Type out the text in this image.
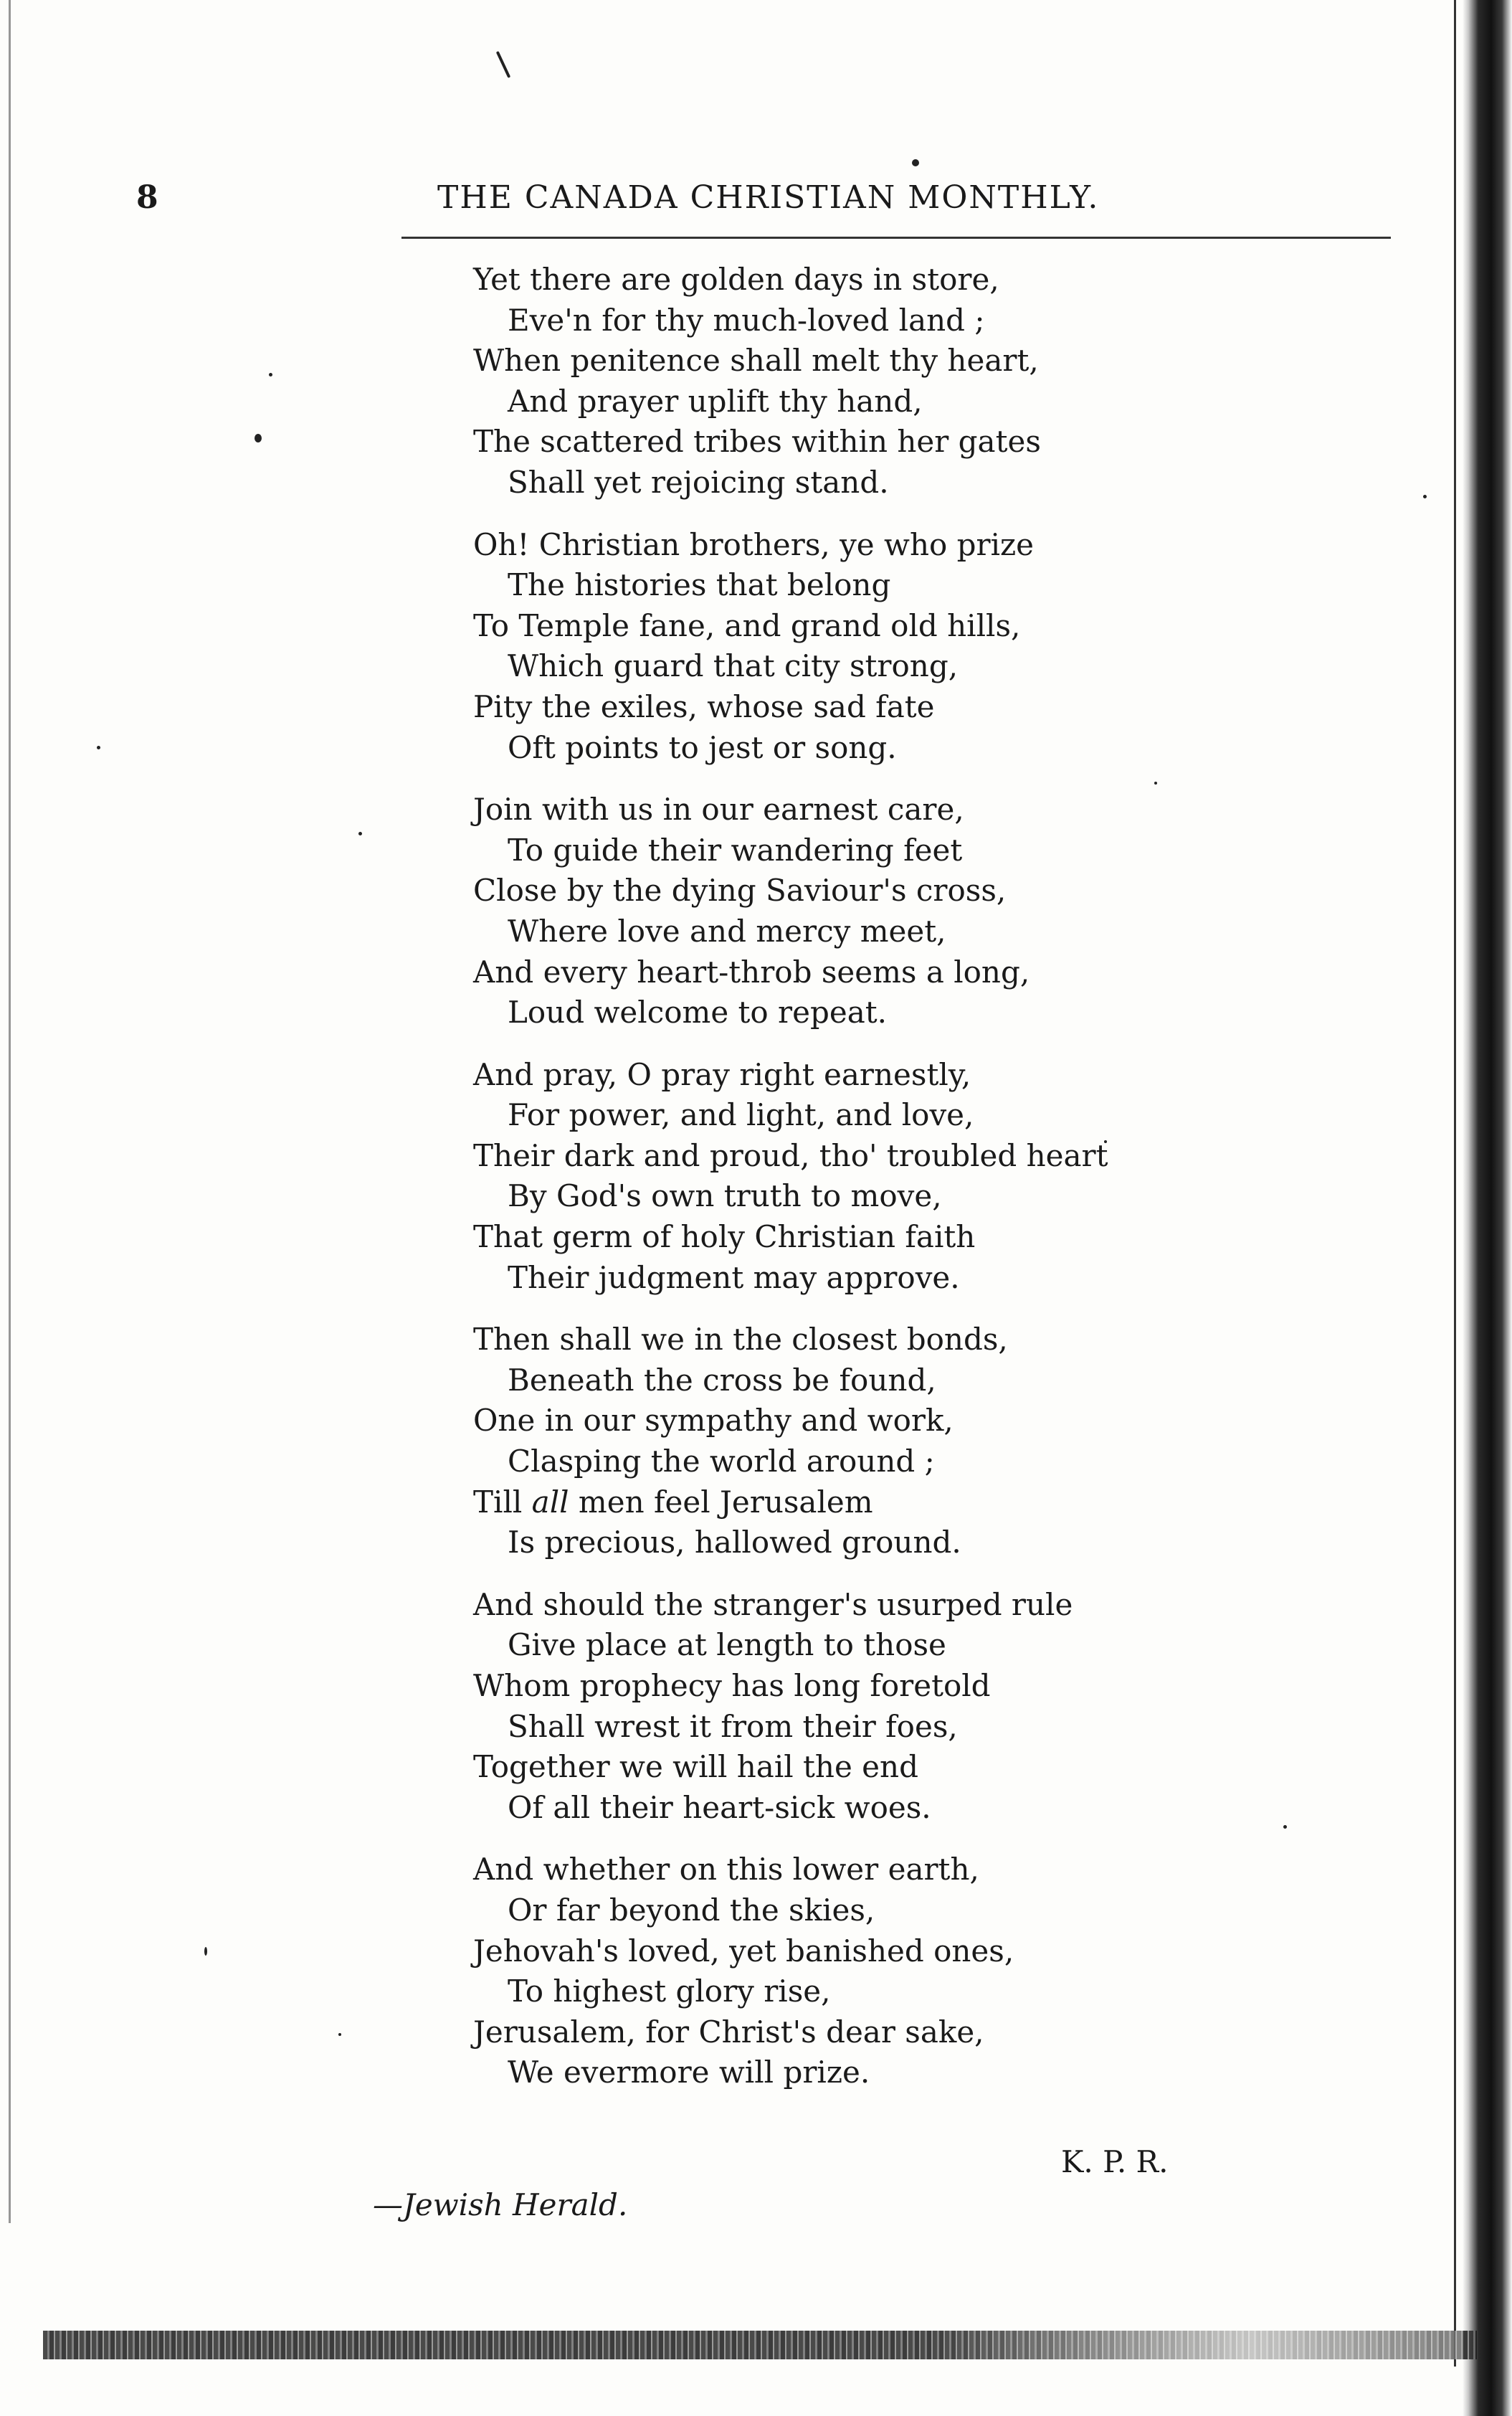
8	THE CANADA CHRISTIAN MONTHLY.
Yet there are golden days in store,
Eve'n for thy much-loved land ;
When penitence shall melt thy heart,
And prayer uplift thy hand,
The scattered tribes within her gates
Shall yet rejoicing stand.
Oh! Christian brothers, ye who prize
The histories that belong
To Temple fane, and grand old hills,
Which guard that city strong,
Pity the exiles, whose sad fate
Oft points to jest or song.
Join with us in our earnest care,
To guide their wandering feet
Close by the dying Saviour's cross,
Where love and mercy meet,
And every heart-throb seems a long,
Loud welcome to repeat.
And pray, O pray right earnestly,
For power, and light, and love,
Their dark and proud, tho' troubled heart
By God's own truth to move,
That germ of holy Christian faith
Their judgment may approve.
Then shall we in the closest bonds,
Beneath the cross be found,
One in our sympathy and work,
Clasping the world around ;
Till all men feel Jerusalem
Is precious, hallowed ground.
And should the stranger's usurped rule
Give place at length to those
Whom prophecy has long foretold
Shall wrest it from their foes,
Together we will hail the end
Of all their heart-sick woes.
And whether on this lower earth,
Or far beyond the skies,
Jehovah's loved, yet banished ones,
To highest glory rise,
Jerusalem, for Christ's dear sake,
We evermore will prize.
K. P. R.
—Jewish Herald.
